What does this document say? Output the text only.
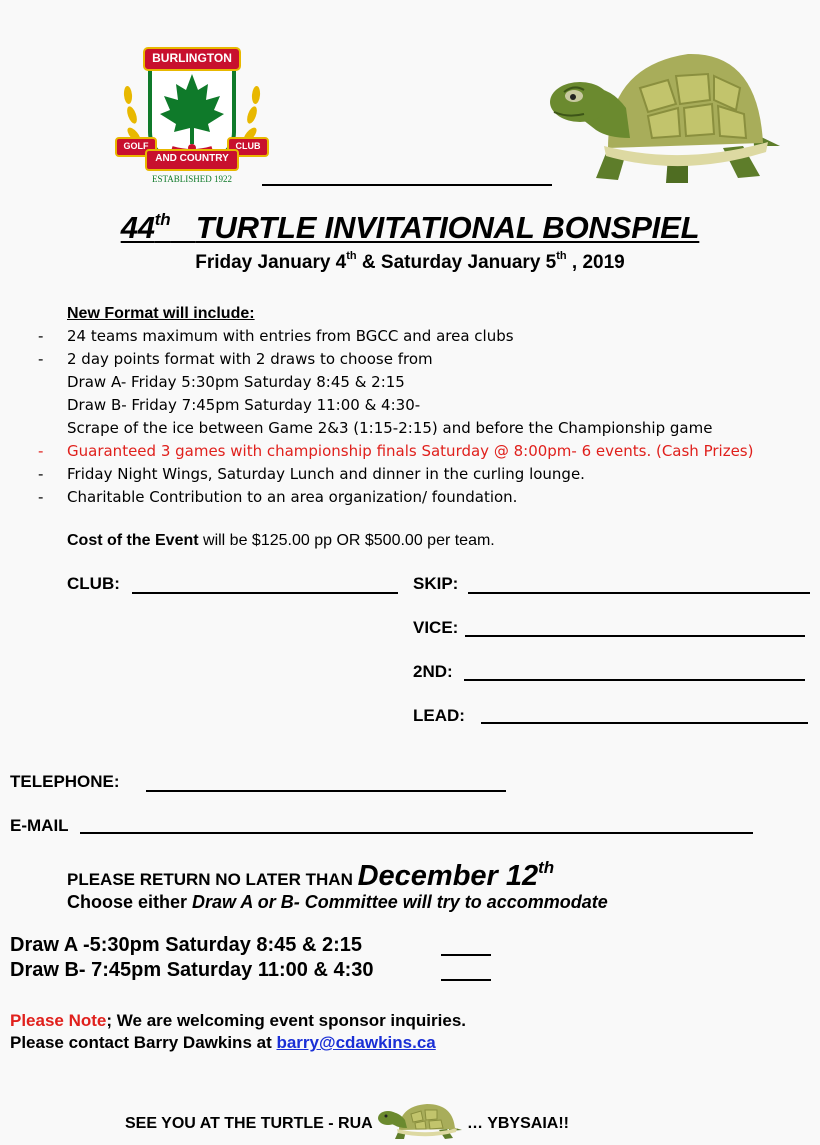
BURLINGTON
GOLF	CLUB
AND COUNTRY
ESTABLISHED 1922
44th TURTLE INVITATIONAL BONSPIEL
Friday January 4th & Saturday January 5th , 2019
New Format will include:
- 24 teams maximum with entries from BGCC and area clubs
- 2 day points format with 2 draws to choose from
Draw A- Friday 5:30pm Saturday 8:45 & 2:15
Draw B- Friday 7:45pm Saturday 11:00 & 4:30-
Scrape of the ice between Game 2&3 (1:15-2:15) and before the Championship game
- Guaranteed 3 games with championship finals Saturday @ 8:00pm- 6 events. (Cash Prizes)
- Friday Night Wings, Saturday Lunch and dinner in the curling lounge.
- Charitable Contribution to an area organization/ foundation.
Cost of the Event will be $125.00 pp OR $500.00 per team.
CLUB:	SKIP:
VICE:
2ND:
LEAD:
TELEPHONE:
E-MAIL
PLEASE RETURN NO LATER THAN December 12th
Choose either Draw A or B- Committee will try to accommodate
Draw A -5:30pm Saturday 8:45 & 2:15
Draw B- 7:45pm Saturday 11:00 & 4:30
Please Note; We are welcoming event sponsor inquiries.
Please contact Barry Dawkins at barry@cdawkins.ca
SEE YOU AT THE TURTLE - RUA	… YBYSAIA!!
